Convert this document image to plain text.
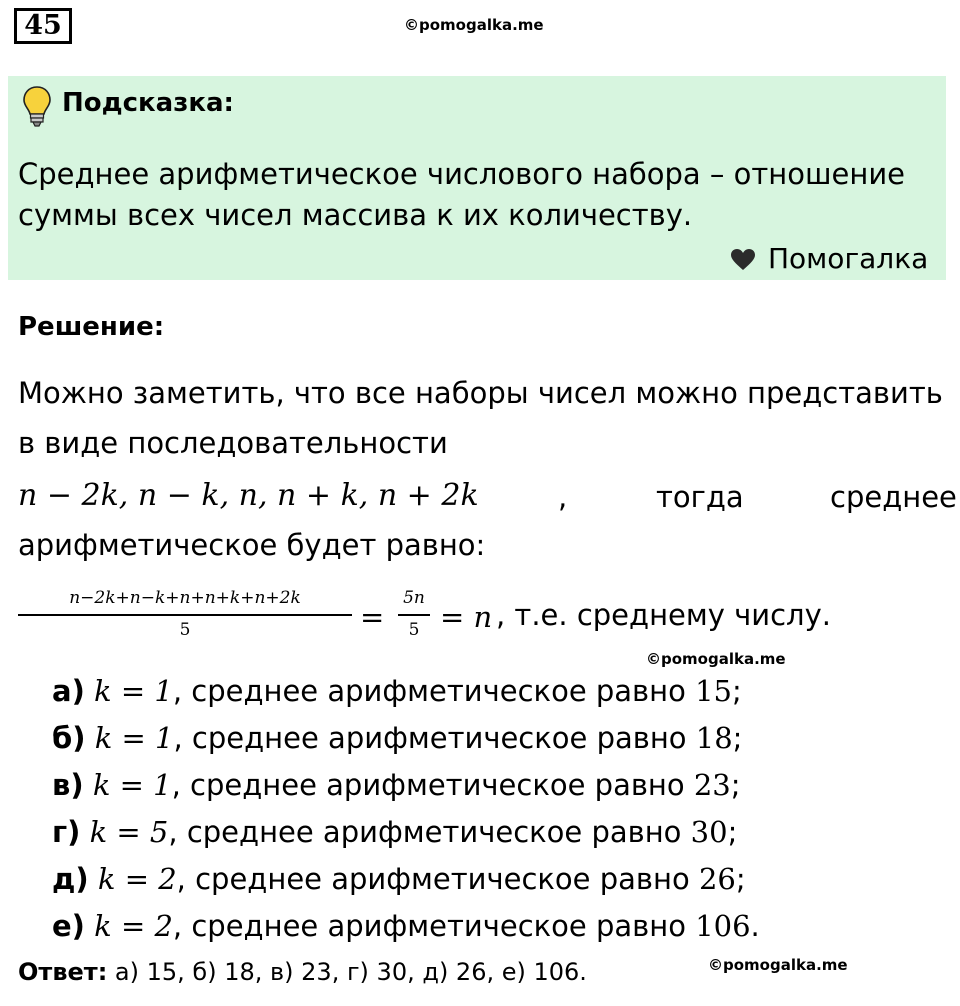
45	©pomogalka.me
Подсказка:
Среднее арифметическое числового набора – отношение
суммы всех чисел массива к их количеству.
Помогалка
Решение:
Можно заметить, что все наборы чисел можно представить
в виде последовательности
n − 2k, n − k, n, n + k, n + 2k	,	тогда	среднее
арифметическое будет равно:
n−2k+n−k+n+n+k+n+2k
5	=
5n
5 = n , т.е. среднему числу.
©pomogalka.me
а) k = 1, среднее арифметическое равно 15;
б) k = 1, среднее арифметическое равно 18;
в) k = 1, среднее арифметическое равно 23;
г) k = 5, среднее арифметическое равно 30;
д) k = 2, среднее арифметическое равно 26;
е) k = 2, среднее арифметическое равно 106.
Ответ: а) 15, б) 18, в) 23, г) 30, д) 26, е) 106.	©pomogalka.me
